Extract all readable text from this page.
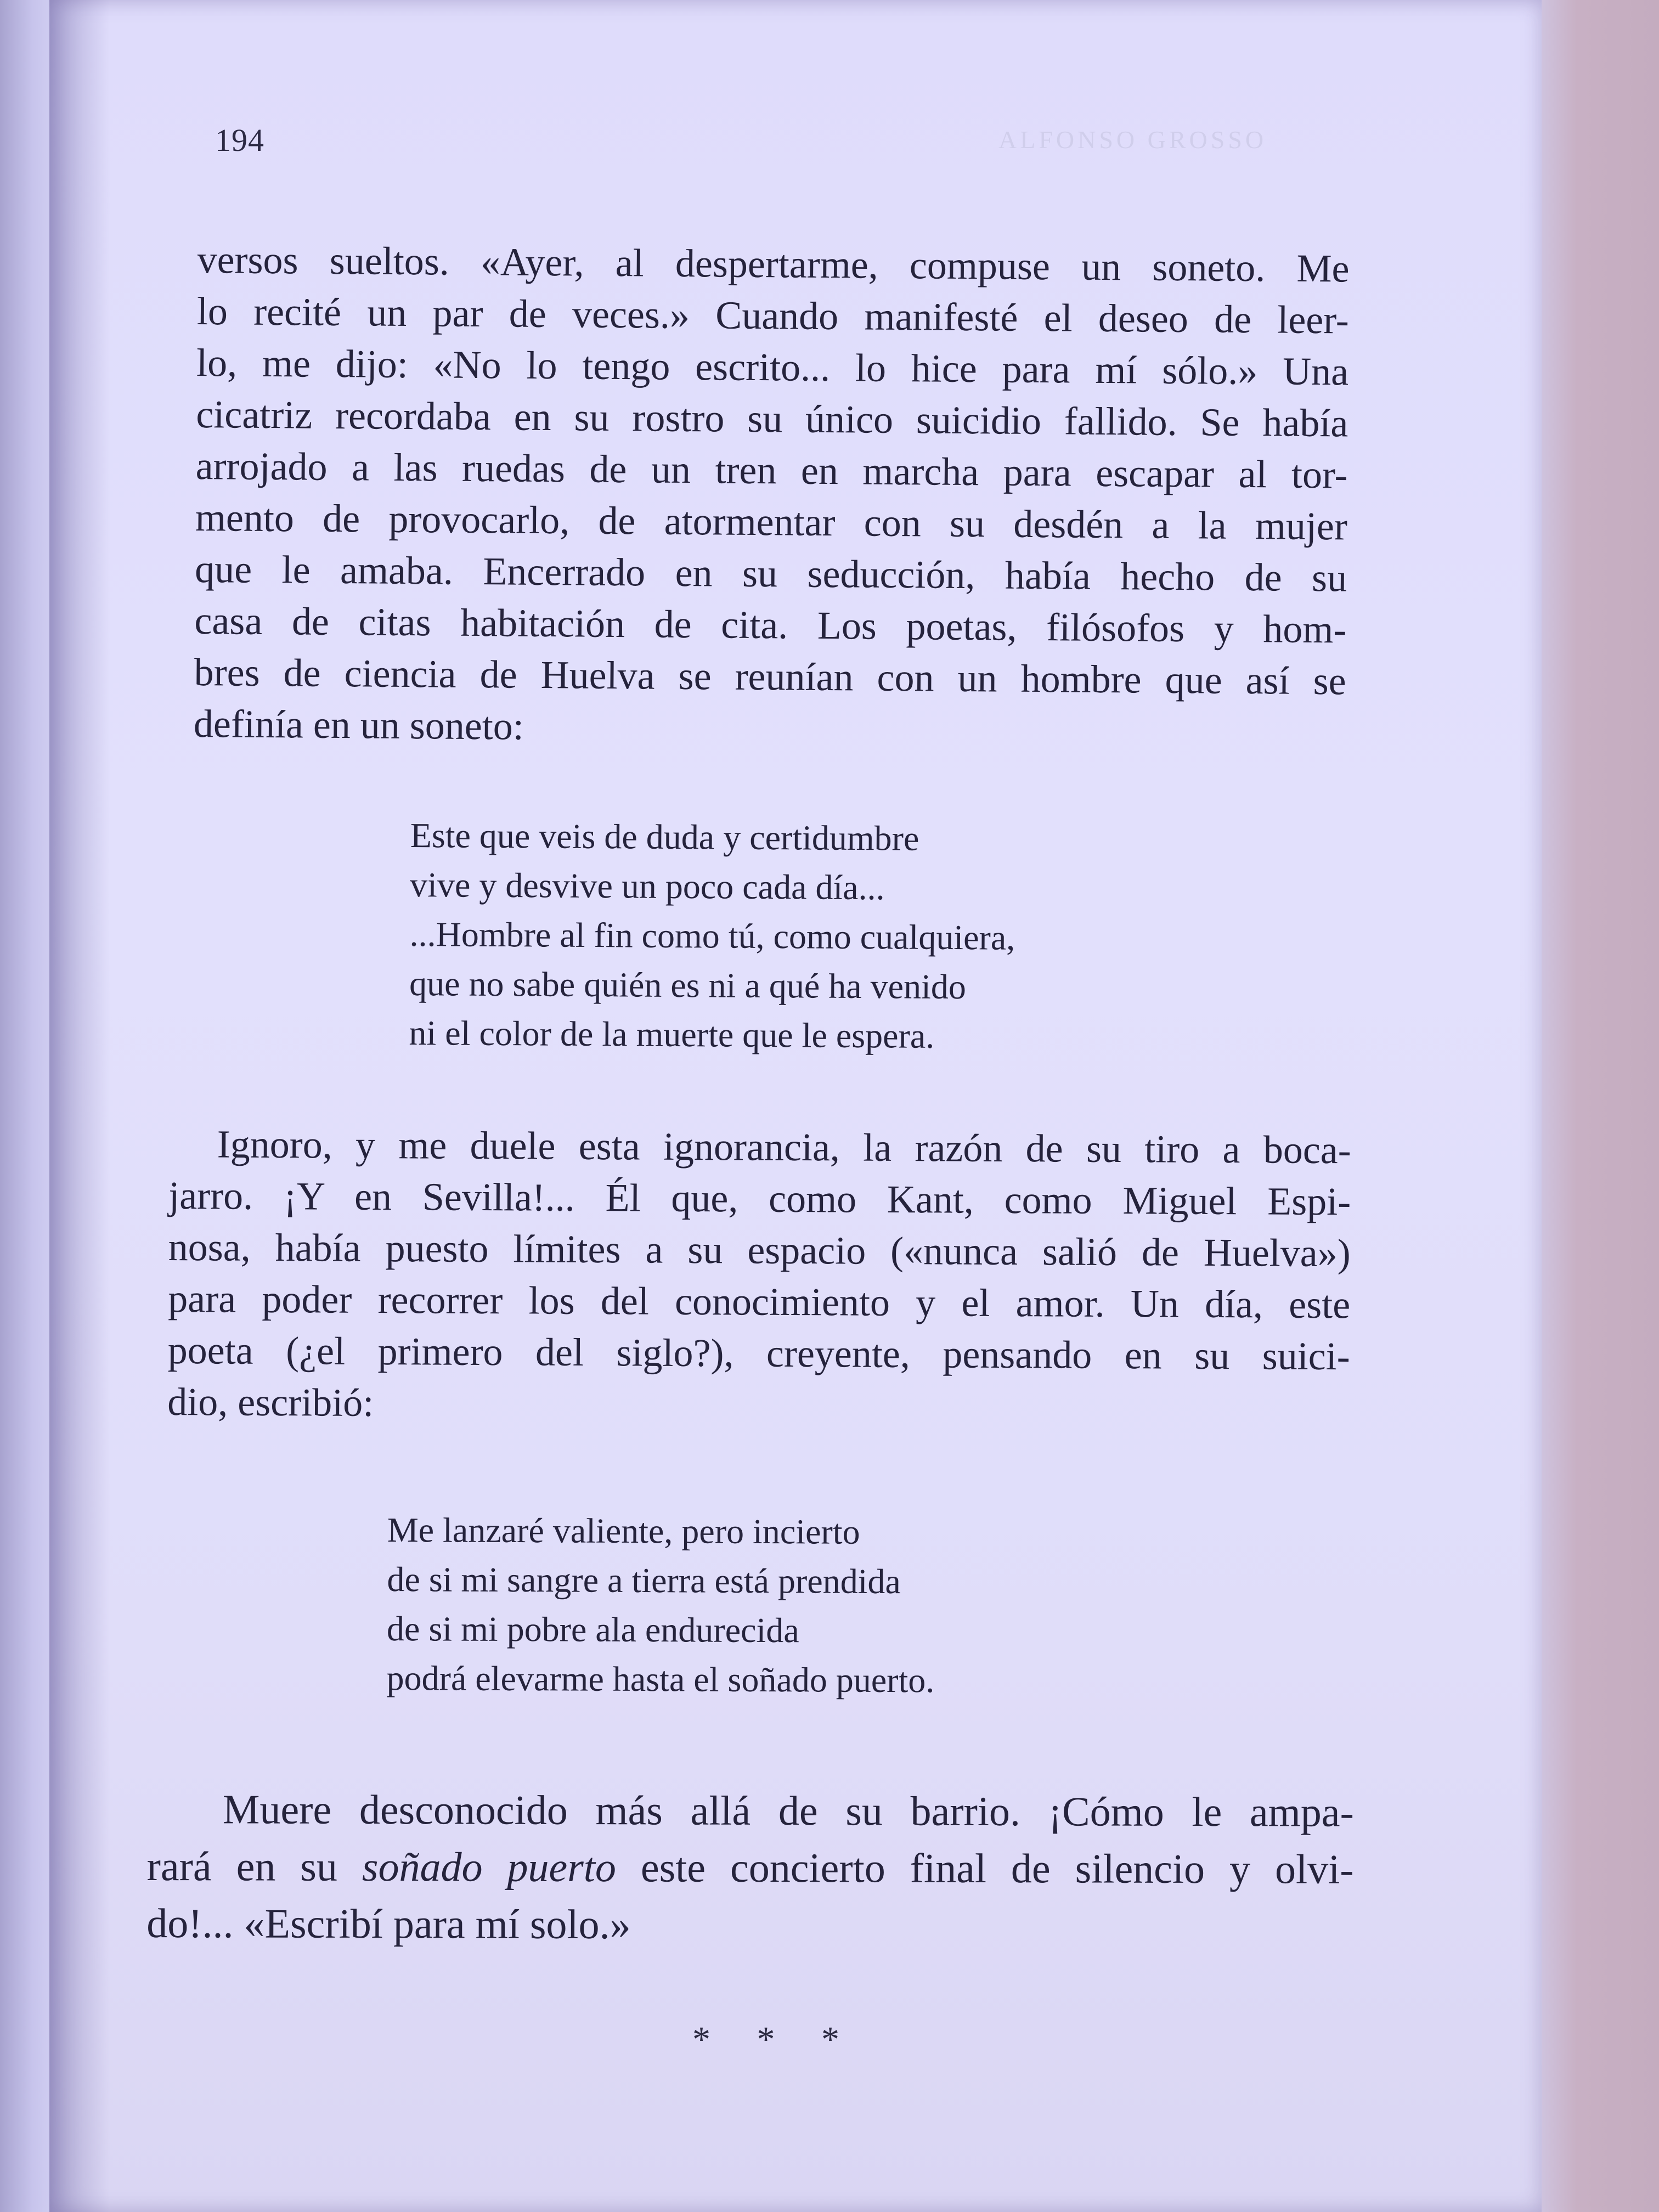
194	ALFONSO GROSSO
versos sueltos. «Ayer, al despertarme, compuse un soneto. Me
lo recité un par de veces.» Cuando manifesté el deseo de leer-
lo, me dijo: «No lo tengo escrito... lo hice para mí sólo.» Una
cicatriz recordaba en su rostro su único suicidio fallido. Se había
arrojado a las ruedas de un tren en marcha para escapar al tor-
mento de provocarlo, de atormentar con su desdén a la mujer
que le amaba. Encerrado en su seducción, había hecho de su
casa de citas habitación de cita. Los poetas, filósofos y hom-
bres de ciencia de Huelva se reunían con un hombre que así se
definía en un soneto:
Este que veis de duda y certidumbre
vive y desvive un poco cada día...
...Hombre al fin como tú, como cualquiera,
que no sabe quién es ni a qué ha venido
ni el color de la muerte que le espera.
Ignoro, y me duele esta ignorancia, la razón de su tiro a boca-
jarro. ¡Y en Sevilla!... Él que, como Kant, como Miguel Espi-
nosa, había puesto límites a su espacio («nunca salió de Huelva»)
para poder recorrer los del conocimiento y el amor. Un día, este
poeta (¿el primero del siglo?), creyente, pensando en su suici-
dio, escribió:
Me lanzaré valiente, pero incierto
de si mi sangre a tierra está prendida
de si mi pobre ala endurecida
podrá elevarme hasta el soñado puerto.
Muere desconocido más allá de su barrio. ¡Cómo le ampa-
rará en su soñado puerto este concierto final de silencio y olvi-
do!... «Escribí para mí solo.»
* * *
